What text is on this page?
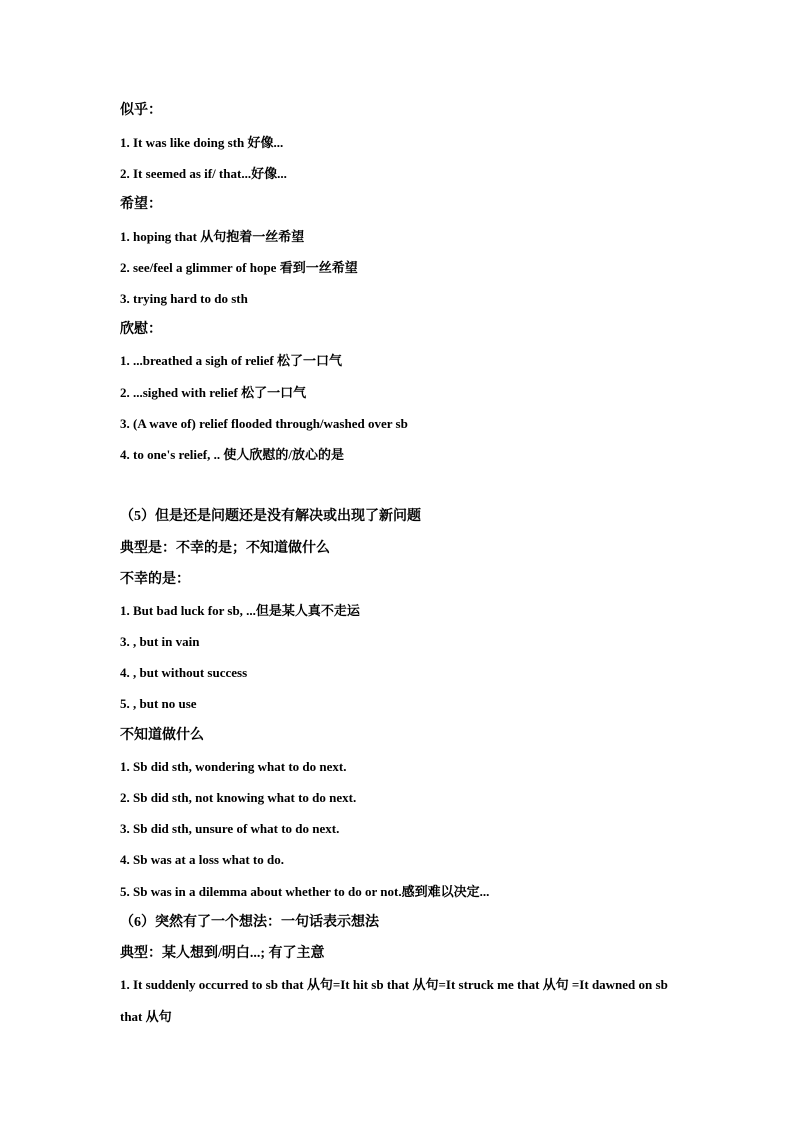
似乎：
1. It was like doing sth 好像...
2. It seemed as if/ that...好像...
希望：
1. hoping that 从句抱着一丝希望
2. see/feel a glimmer of hope 看到一丝希望
3. trying hard to do sth
欣慰：
1. ...breathed a sigh of relief 松了一口气
2. ...sighed with relief 松了一口气
3. (A wave of) relief flooded through/washed over sb
4. to one's relief, .. 使人欣慰的/放心的是
（5）但是还是问题还是没有解决或出现了新问题
典型是：不幸的是；不知道做什么
不幸的是：
1. But bad luck for sb, ...但是某人真不走运
3. , but in vain
4. , but without success
5. , but no use
不知道做什么
1. Sb did sth, wondering what to do next.
2. Sb did sth, not knowing what to do next.
3. Sb did sth, unsure of what to do next.
4. Sb was at a loss what to do.
5. Sb was in a dilemma about whether to do or not.感到难以决定...
（6）突然有了一个想法：一句话表示想法
典型：某人想到/明白...; 有了主意
1. It suddenly occurred to sb that 从句=It hit sb that 从句=It struck me that 从句 =It dawned on sb that 从句
